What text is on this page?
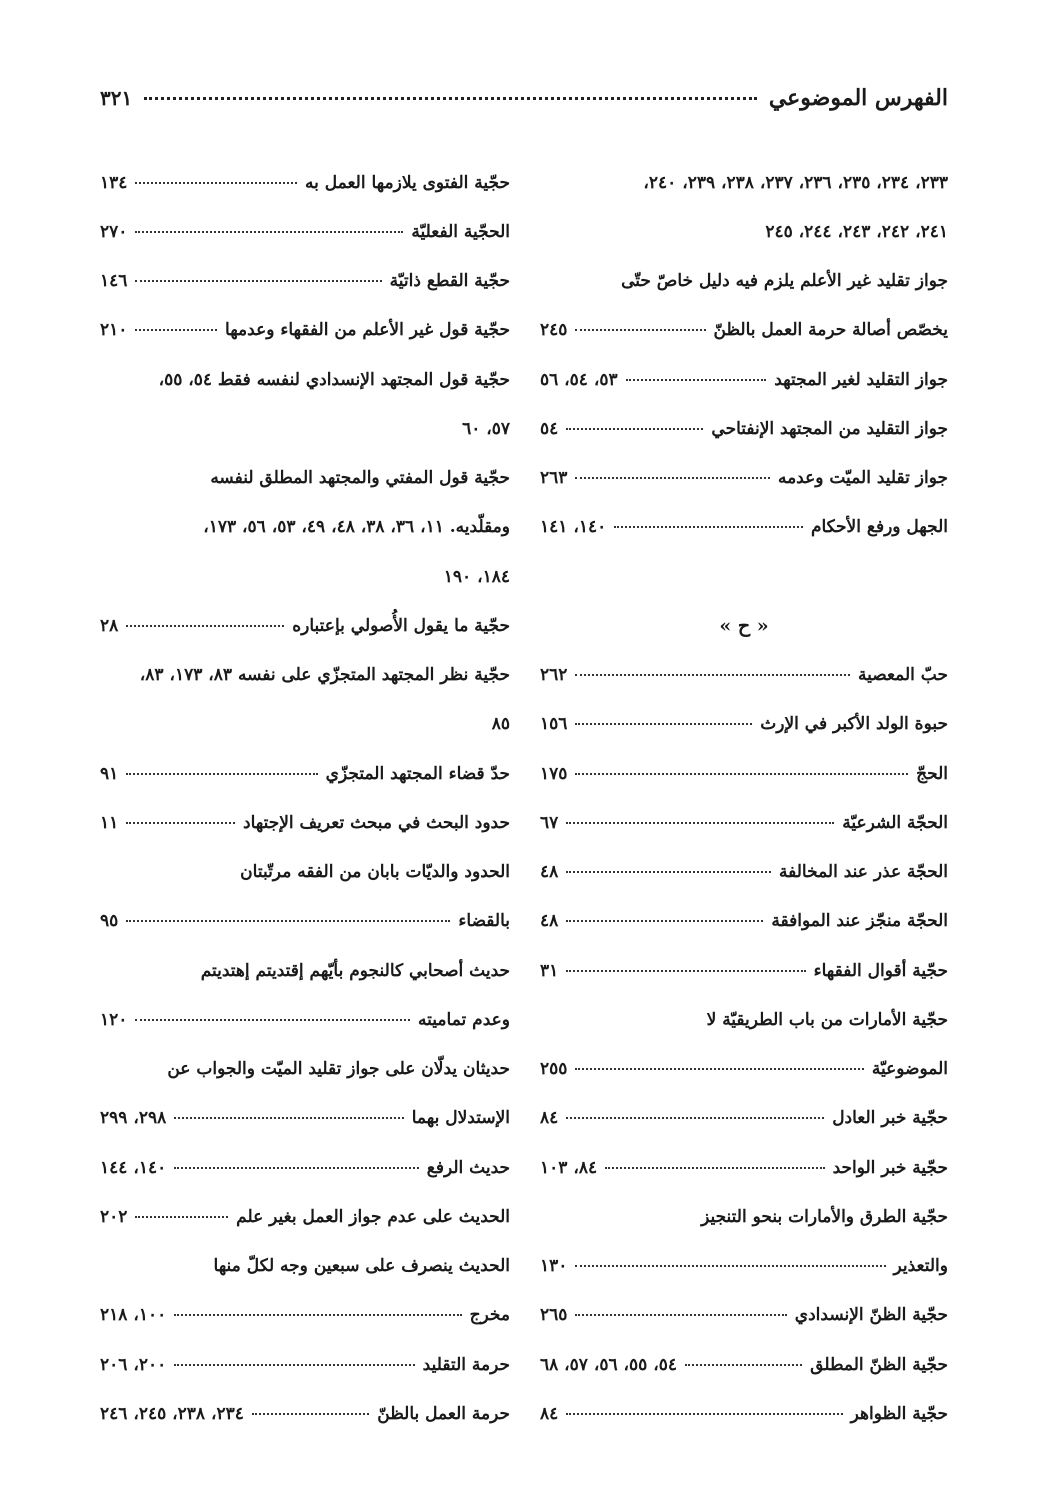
الفهرس الموضوعي
٣٢١
٢٣٣، ٢٣٤، ٢٣٥، ٢٣٦، ٢٣٧، ٢٣٨، ٢٣٩، ٢٤٠،
٢٤١، ٢٤٢، ٢٤٣، ٢٤٤، ٢٤٥
جواز تقليد غير الأعلم يلزم فيه دليل خاصّ حتّى
يخصّص أصالة حرمة العمل بالظنّ
٢٤٥
جواز التقليد لغير المجتهد
٥٣، ٥٤، ٥٦
جواز التقليد من المجتهد الإنفتاحي
٥٤
جواز تقليد الميّت وعدمه
٢٦٣
الجهل ورفع الأحكام
١٤٠، ١٤١
« ح »
حبّ المعصية
٢٦٢
حبوة الولد الأكبر في الإرث
١٥٦
الحجّ
١٧٥
الحجّة الشرعيّة
٦٧
الحجّة عذر عند المخالفة
٤٨
الحجّة منجّز عند الموافقة
٤٨
حجّية أقوال الفقهاء
٣١
حجّية الأمارات من باب الطريقيّة لا
الموضوعيّة
٢٥٥
حجّية خبر العادل
٨٤
حجّية خبر الواحد
٨٤، ١٠٣
حجّية الطرق والأمارات بنحو التنجيز
والتعذير
١٣٠
حجّية الظنّ الإنسدادي
٢٦٥
حجّية الظنّ المطلق
٥٤، ٥٥، ٥٦، ٥٧، ٦٨
حجّية الظواهر
٨٤
حجّية الفتوى يلازمها العمل به
١٣٤
الحجّية الفعليّة
٢٧٠
حجّية القطع ذاتيّة
١٤٦
حجّية قول غير الأعلم من الفقهاء وعدمها
٢١٠
حجّية قول المجتهد الإنسدادي لنفسه فقط ٥٤، ٥٥،
٥٧، ٦٠
حجّية قول المفتي والمجتهد المطلق لنفسه
ومقلّديه. ١١، ٣٦، ٣٨، ٤٨، ٤٩، ٥٣، ٥٦، ١٧٣،
١٨٤، ١٩٠
حجّية ما يقول الأُصولي بإعتباره
٢٨
حجّية نظر المجتهد المتجزّي على نفسه ٨٣، ١٧٣، ٨٣،
٨٥
حدّ قضاء المجتهد المتجزّي
٩١
حدود البحث في مبحث تعريف الإجتهاد
١١
الحدود والديّات بابان من الفقه مرتّبتان
بالقضاء
٩٥
حديث أصحابي كالنجوم بأيّهم إقتديتم إهتديتم
وعدم تماميته
١٢٠
حديثان يدلّان على جواز تقليد الميّت والجواب عن
الإستدلال بهما
٢٩٨، ٢٩٩
حديث الرفع
١٤٠، ١٤٤
الحديث على عدم جواز العمل بغير علم
٢٠٢
الحديث ينصرف على سبعين وجه لكلّ منها
مخرج
١٠٠، ٢١٨
حرمة التقليد
٢٠٠، ٢٠٦
حرمة العمل بالظنّ
٢٣٤، ٢٣٨، ٢٤٥، ٢٤٦
